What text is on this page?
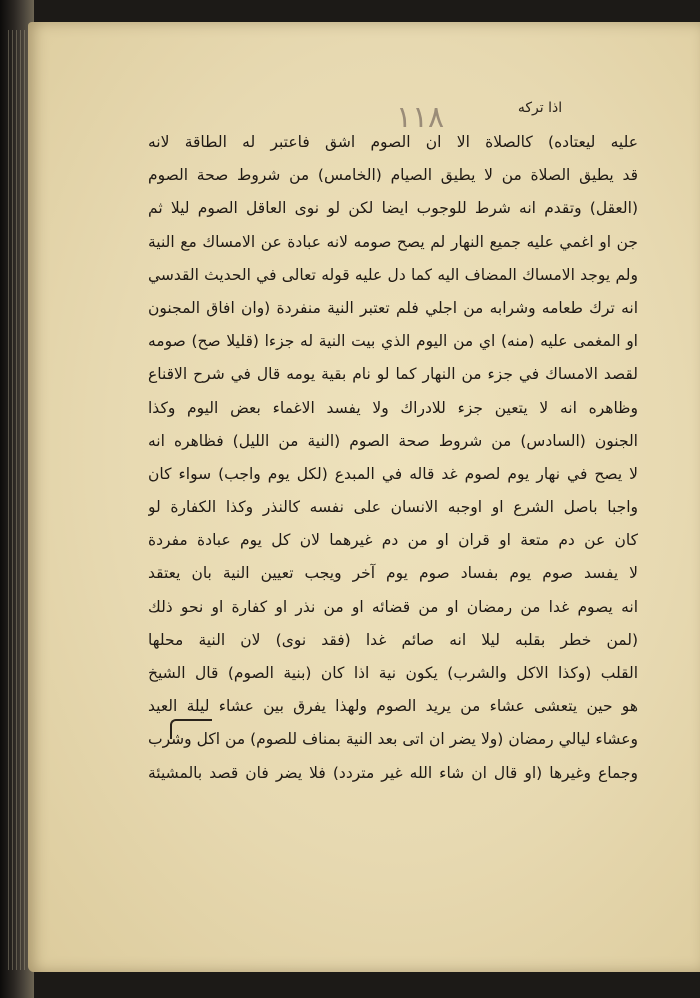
١١٨	اذا تركه
عليه ليعتاده) كالصلاة الا ان الصوم اشق فاعتبر له الطاقة لانه
قد يطيق الصلاة من لا يطيق الصيام (الخامس) من شروط صحة الصوم
(العقل) وتقدم انه شرط للوجوب ايضا لكن لو نوى العاقل الصوم ليلا ثم
جن او اغمي عليه جميع النهار لم يصح صومه لانه عبادة عن الامساك مع النية
ولم يوجد الامساك المضاف اليه كما دل عليه قوله تعالى في الحديث القدسي
انه ترك طعامه وشرابه من اجلي فلم تعتبر النية منفردة (وان افاق المجنون
او المغمى عليه (منه) اي من اليوم الذي بيت النية له جزءا (قليلا صح) صومه
لقصد الامساك في جزء من النهار كما لو نام بقية يومه قال في شرح الاقناع
وظاهره انه لا يتعين جزء للادراك ولا يفسد الاغماء بعض اليوم وكذا
الجنون (السادس) من شروط صحة الصوم (النية من الليل) فظاهره انه
لا يصح في نهار يوم لصوم غد قاله في المبدع (لكل يوم واجب) سواء كان
واجبا باصل الشرع او اوجبه الانسان على نفسه كالنذر وكذا الكفارة لو
كان عن دم متعة او قران او من دم غيرهما لان كل يوم عبادة مفردة
لا يفسد صوم يوم بفساد صوم يوم آخر ويجب تعيين النية بان يعتقد
انه يصوم غدا من رمضان او من قضائه او من نذر او كفارة او نحو ذلك
(لمن خطر بقلبه ليلا انه صائم غدا (فقد نوى) لان النية محلها
القلب (وكذا الاكل والشرب) يكون نية اذا كان (بنية الصوم) قال الشيخ
هو حين يتعشى عشاء من يريد الصوم ولهذا يفرق بين عشاء ليلة العيد
وعشاء ليالي رمضان (ولا يضر ان اتى بعد النية بمناف للصوم) من اكل وشرب
وجماع وغيرها (او قال ان شاء الله غير متردد) فلا يضر فان قصد بالمشيئة
